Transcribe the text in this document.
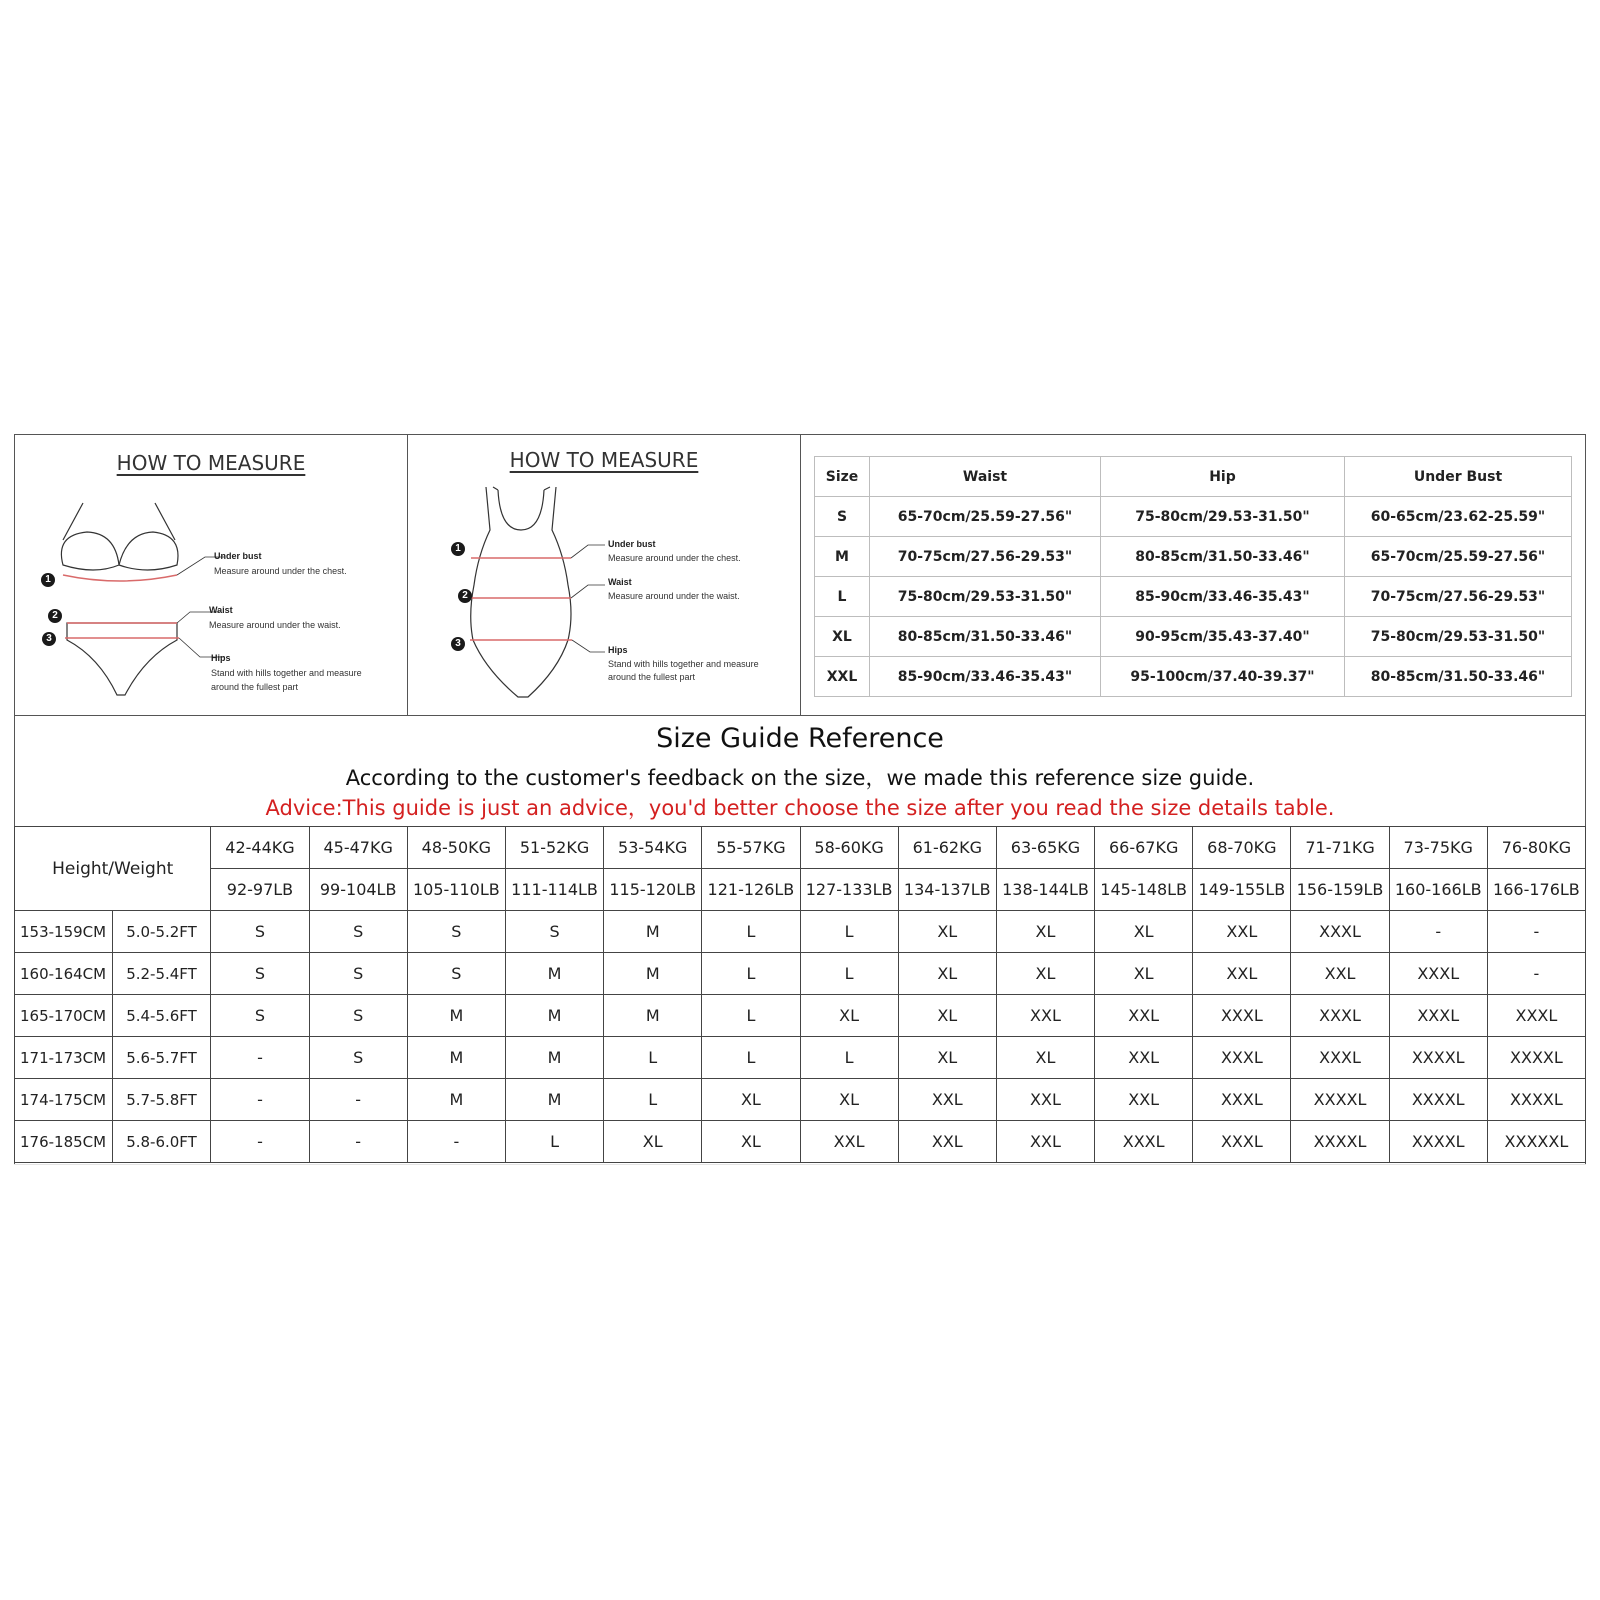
HOW TO MEASURE
1
2
3
Under bust
Measure around under the chest.
Waist
Measure around under the waist.
Hips
Stand with hills together and measure
around the fullest part
HOW TO MEASURE
1
2
3
Under bust
Measure around under the chest.
Waist
Measure around under the waist.
Hips
Stand with hills together and measure
around the fullest part
Size	Waist	Hip	Under Bust
S	65-70cm/25.59-27.56"	75-80cm/29.53-31.50"	60-65cm/23.62-25.59"
M	70-75cm/27.56-29.53"	80-85cm/31.50-33.46"	65-70cm/25.59-27.56"
L	75-80cm/29.53-31.50"	85-90cm/33.46-35.43"	70-75cm/27.56-29.53"
XL	80-85cm/31.50-33.46"	90-95cm/35.43-37.40"	75-80cm/29.53-31.50"
XXL	85-90cm/33.46-35.43"	95-100cm/37.40-39.37"	80-85cm/31.50-33.46"
Size Guide Reference
According to the customer's feedback on the size，we made this reference size guide.
Advice:This guide is just an advice，you'd better choose the size after you read the size details table.
Height/Weight		42-44KG	45-47KG	48-50KG	51-52KG	53-54KG	55-57KG	58-60KG	61-62KG	63-65KG	66-67KG	68-70KG	71-71KG	73-75KG	76-80KG
		92-97LB	99-104LB	105-110LB	111-114LB	115-120LB	121-126LB	127-133LB	134-137LB	138-144LB	145-148LB	149-155LB	156-159LB	160-166LB	166-176LB
153-159CM	5.0-5.2FT	S	S	S	S	M	L	L	XL	XL	XL	XXL	XXXL	-	-
160-164CM	5.2-5.4FT	S	S	S	M	M	L	L	XL	XL	XL	XXL	XXL	XXXL	-
165-170CM	5.4-5.6FT	S	S	M	M	M	L	XL	XL	XXL	XXL	XXXL	XXXL	XXXL	XXXL
171-173CM	5.6-5.7FT	-	S	M	M	L	L	L	XL	XL	XXL	XXXL	XXXL	XXXXL	XXXXL
174-175CM	5.7-5.8FT	-	-	M	M	L	XL	XL	XXL	XXL	XXL	XXXL	XXXXL	XXXXL	XXXXL
176-185CM	5.8-6.0FT	-	-	-	L	XL	XL	XXL	XXL	XXL	XXXL	XXXL	XXXXL	XXXXL	XXXXXL
